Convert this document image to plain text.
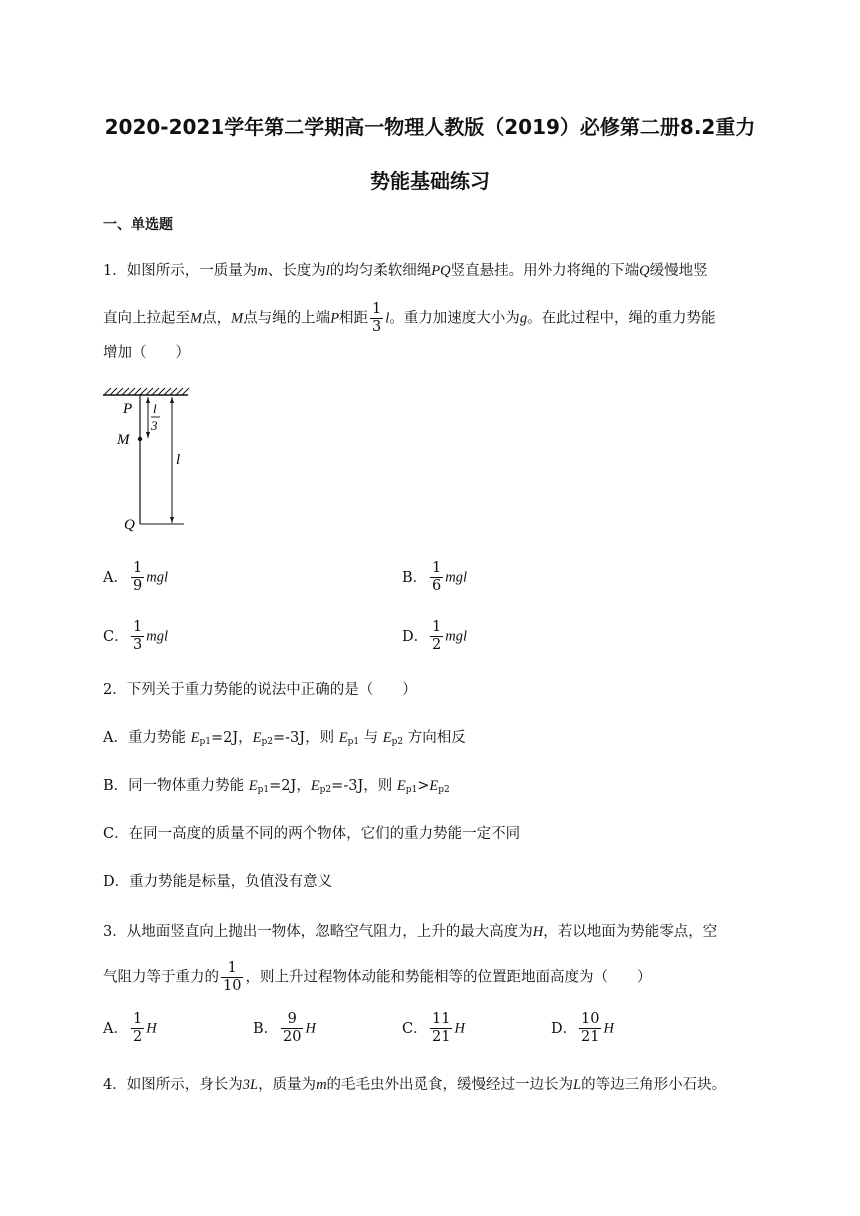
2020-2021学年第二学期高一物理人教版（2019）必修第二册8.2重力
势能基础练习
一、单选题
1．如图所示，一质量为m、长度为l的均匀柔软细绳PQ竖直悬挂。用外力将绳的下端Q缓慢地竖
直向上拉起至M点，M点与绳的上端P相距 $\frac{1}{3}$ l。重力加速度大小为g。在此过程中，绳的重力势能
增加（　　）
P
M
Q
l
3
l
A． $\frac{1}{9}$ mgl	B． $\frac{1}{6}$ mgl
C． $\frac{1}{3}$ mgl	D． $\frac{1}{2}$ mgl
2．下列关于重力势能的说法中正确的是（　　）
A．重力势能 $E_{p1}=2J$，$E_{p2}=-3J$，则 $E_{p1}$ 与 $E_{p2}$ 方向相反
B．同一物体重力势能 $E_{p1}=2J$，$E_{p2}=-3J$，则 $E_{p1}>E_{p2}$
C．在同一高度的质量不同的两个物体，它们的重力势能一定不同
D．重力势能是标量，负值没有意义
3．从地面竖直向上抛出一物体，忽略空气阻力，上升的最大高度为H，若以地面为势能零点，空
气阻力等于重力的 $\frac{1}{10}$ ，则上升过程物体动能和势能相等的位置距地面高度为（　　）
A． $\frac{1}{2}$ H	B． $\frac{9}{20}$ H	C． $\frac{11}{21}$ H	D． $\frac{10}{21}$ H
4．如图所示，身长为3L，质量为m的毛毛虫外出觅食，缓慢经过一边长为L的等边三角形小石块。
